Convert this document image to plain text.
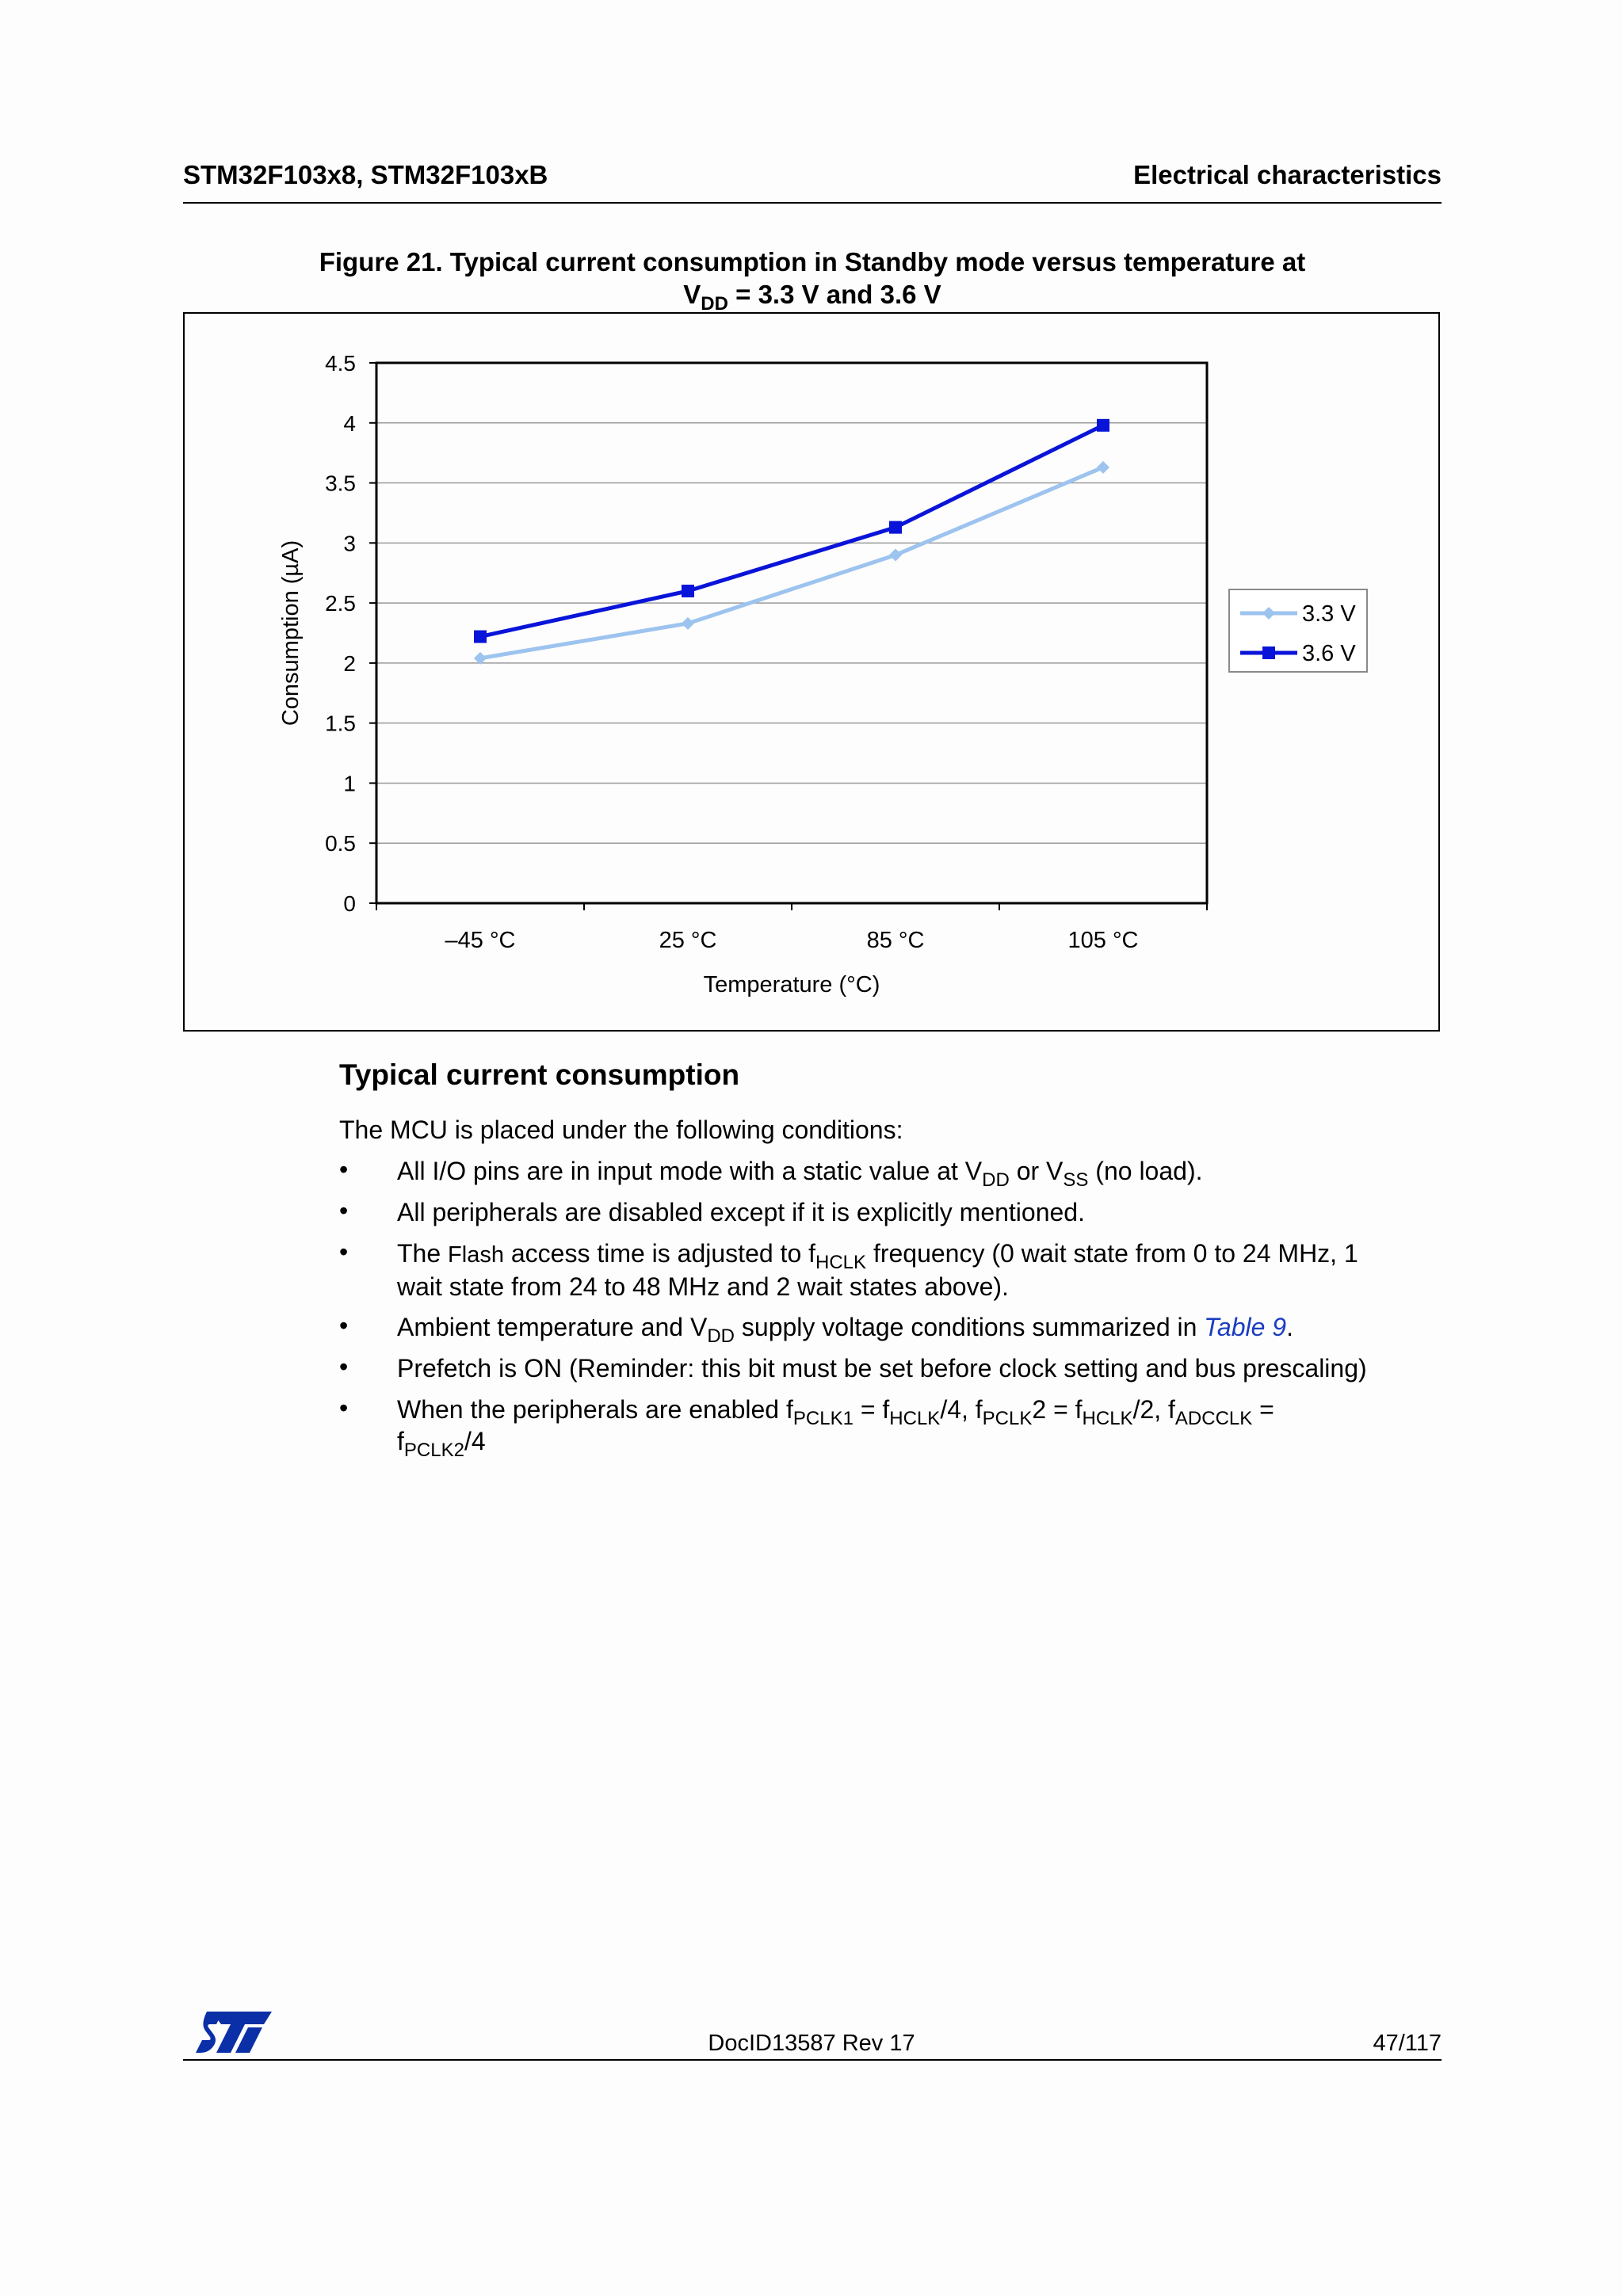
STM32F103x8, STM32F103xB	Electrical characteristics
Figure 21. Typical current consumption in Standby mode versus temperature at
$V_{DD} = 3.3$ V and 3.6 V
0
0.5
1
1.5
2
2.5
3
3.5
4
4.5
–45 °C	25 °C	85 °C	105 °C
Consumption (µA)
Temperature (°C)
3.3 V
3.6 V
Typical current consumption
The MCU is placed under the following conditions:
• All I/O pins are in input mode with a static value at $V_{DD}$ or $V_{SS}$ (no load).
• All peripherals are disabled except if it is explicitly mentioned.
• The Flash access time is adjusted to $f_{HCLK}$ frequency (0 wait state from 0 to 24 MHz, 1
wait state from 24 to 48 MHz and 2 wait states above).
• Ambient temperature and $V_{DD}$ supply voltage conditions summarized in Table 9.
• Prefetch is ON (Reminder: this bit must be set before clock setting and bus prescaling)
• When the peripherals are enabled $f_{PCLK1} = f_{HCLK}/4$, $f_{PCLK}2 = f_{HCLK}/2$, $f_{ADCCLK}$ =
$f_{PCLK2}/4$
DocID13587 Rev 17	47/117
